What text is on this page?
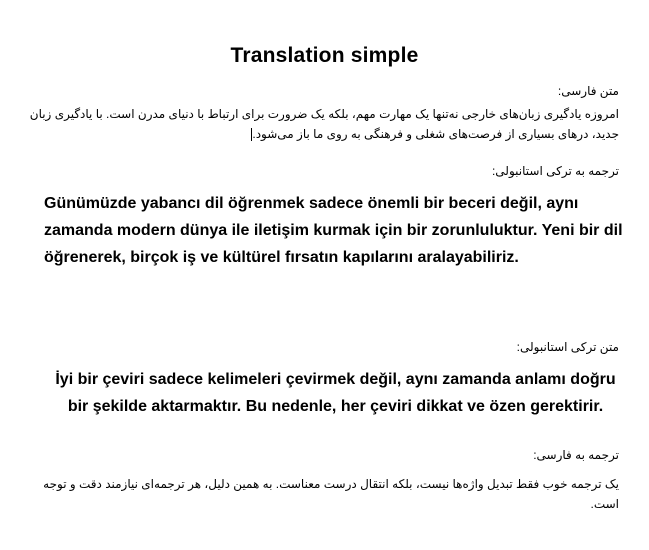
Translation simple
متن فارسی:
امروزه یادگیری زبان‌های خارجی نه‌تنها یک مهارت مهم، بلکه یک ضرورت برای ارتباط با دنیای مدرن است. با یادگیری زبان جدید، درهای بسیاری از فرصت‌های شغلی و فرهنگی به روی ما باز می‌شود.
ترجمه به ترکی استانبولی:
Günümüzde yabancı dil öğrenmek sadece önemli bir beceri değil, aynı zamanda modern dünya ile iletişim kurmak için bir zorunluluktur. Yeni bir dil öğrenerek, birçok iş ve kültürel fırsatın kapılarını aralayabiliriz.
متن ترکی استانبولی:
İyi bir çeviri sadece kelimeleri çevirmek değil, aynı zamanda anlamı doğru bir şekilde aktarmaktır. Bu nedenle, her çeviri dikkat ve özen gerektirir.
ترجمه به فارسی:
یک ترجمه خوب فقط تبدیل واژه‌ها نیست، بلکه انتقال درست معناست. به همین دلیل، هر ترجمه‌ای نیازمند دقت و توجه است.
